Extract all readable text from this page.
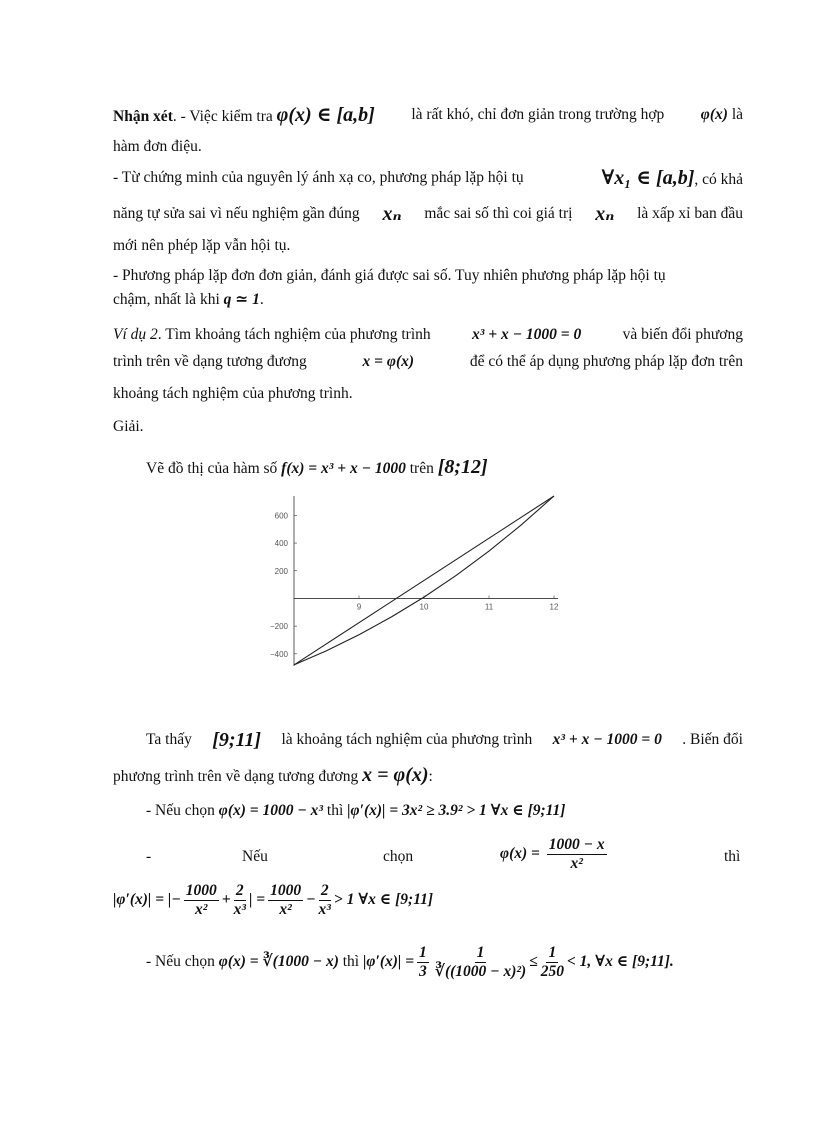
Nhận xét. - Việc kiểm tra φ(x) ∈ [a,b] là rất khó, chỉ đơn giản trong trường hợp φ(x) là
hàm đơn điệu.
- Từ chứng minh của nguyên lý ánh xạ co, phương pháp lặp hội tụ	∀x₁ ∈ [a,b], có khả
năng tự sửa sai vì nếu nghiệm gần đúng xₙ mắc sai số thì coi giá trị xₙ là xấp xỉ ban đầu
mới nên phép lặp vẫn hội tụ.
- Phương pháp lặp đơn đơn giản, đánh giá được sai số. Tuy nhiên phương pháp lặp hội tụ
chậm, nhất là khi q ≃ 1.
Ví dụ 2. Tìm khoảng tách nghiệm của phương trình	x³ + x − 1000 = 0	và biến đổi phương
trình trên về dạng tương đương	x = φ(x)	để có thể áp dụng phương pháp lặp đơn trên
khoảng tách nghiệm của phương trình.
Giải.
Vẽ đồ thị của hàm số f(x) = x³ + x − 1000 trên [8;12]
9	10	11	12
600
400
200
−200
−400
Ta thấy [9;11] là khoảng tách nghiệm của phương trình x³ + x − 1000 = 0 . Biến đổi
phương trình trên về dạng tương đương x = φ(x):
- Nếu chọn φ(x) = 1000 − x³ thì |φ′(x)| = 3x² ≥ 3.9² > 1 ∀x ∈ [9;11]
-	Nếu	chọn	$\varphi(x) = \frac{1000 - x}{\text{x²}}$	thì
|φ′(x)| = |− $\frac{1000}{\text{x²}} + \frac{2}{\text{x³}}$ | = $\frac{1000}{\text{x²}} - \frac{2}{\text{x³}} > 1$ ∀x ∈ [9;11]
- Nếu chọn φ(x) = ∛(1000 − x) thì $|\varphi'(x)| = \frac{1}{3} \frac{1}{\text{∛((1000 − x)²)}} \le \frac{1}{250} < 1$, ∀x ∈ [9;11].
